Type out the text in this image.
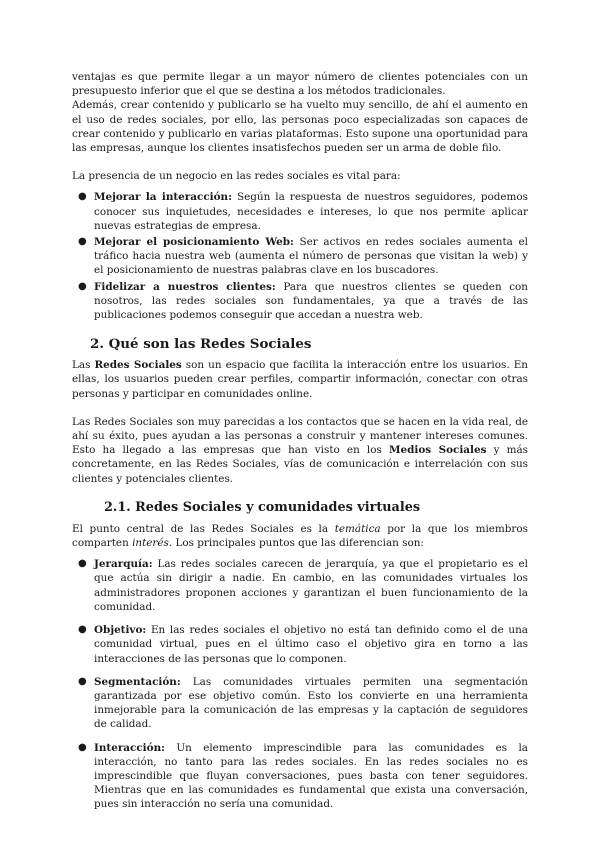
ventajas es que permite llegar a un mayor número de clientes potenciales con un presupuesto inferior que el que se destina a los métodos tradicionales.

Además, crear contenido y publicarlo se ha vuelto muy sencillo, de ahí el aumento en el uso de redes sociales, por ello, las personas poco especializadas son capaces de crear contenido y publicarlo en varias plataformas. Esto supone una oportunidad para las empresas, aunque los clientes insatisfechos pueden ser un arma de doble filo.

La presencia de un negocio en las redes sociales es vital para:

● Mejorar la interacción: Según la respuesta de nuestros seguidores, podemos conocer sus inquietudes, necesidades e intereses, lo que nos permite aplicar nuevas estrategias de empresa.
● Mejorar el posicionamiento Web: Ser activos en redes sociales aumenta el tráfico hacia nuestra web (aumenta el número de personas que visitan la web) y el posicionamiento de nuestras palabras clave en los buscadores.
● Fidelizar a nuestros clientes: Para que nuestros clientes se queden con nosotros, las redes sociales son fundamentales, ya que a través de las publicaciones podemos conseguir que accedan a nuestra web.
2. Qué son las Redes Sociales

Las Redes Sociales son un espacio que facilita la interacción entre los usuarios. En ellas, los usuarios pueden crear perfiles, compartir información, conectar con otras personas y participar en comunidades online.

Las Redes Sociales son muy parecidas a los contactos que se hacen en la vida real, de ahí su éxito, pues ayudan a las personas a construir y mantener intereses comunes. Esto ha llegado a las empresas que han visto en los Medios Sociales y más concretamente, en las Redes Sociales, vías de comunicación e interrelación con sus clientes y potenciales clientes.

2.1. Redes Sociales y comunidades virtuales

El punto central de las Redes Sociales es la temática por la que los miembros comparten interés. Los principales puntos que las diferencian son:

● Jerarquía: Las redes sociales carecen de jerarquía, ya que el propietario es el que actúa sin dirigir a nadie. En cambio, en las comunidades virtuales los administradores proponen acciones y garantizan el buen funcionamiento de la comunidad.
● Objetivo: En las redes sociales el objetivo no está tan definido como el de una comunidad virtual, pues en el último caso el objetivo gira en torno a las interacciones de las personas que lo componen.
● Segmentación: Las comunidades virtuales permiten una segmentación garantizada por ese objetivo común. Esto los convierte en una herramienta inmejorable para la comunicación de las empresas y la captación de seguidores de calidad.
● Interacción: Un elemento imprescindible para las comunidades es la interacción, no tanto para las redes sociales. En las redes sociales no es imprescindible que fluyan conversaciones, pues basta con tener seguidores. Mientras que en las comunidades es fundamental que exista una conversación, pues sin interacción no sería una comunidad.
